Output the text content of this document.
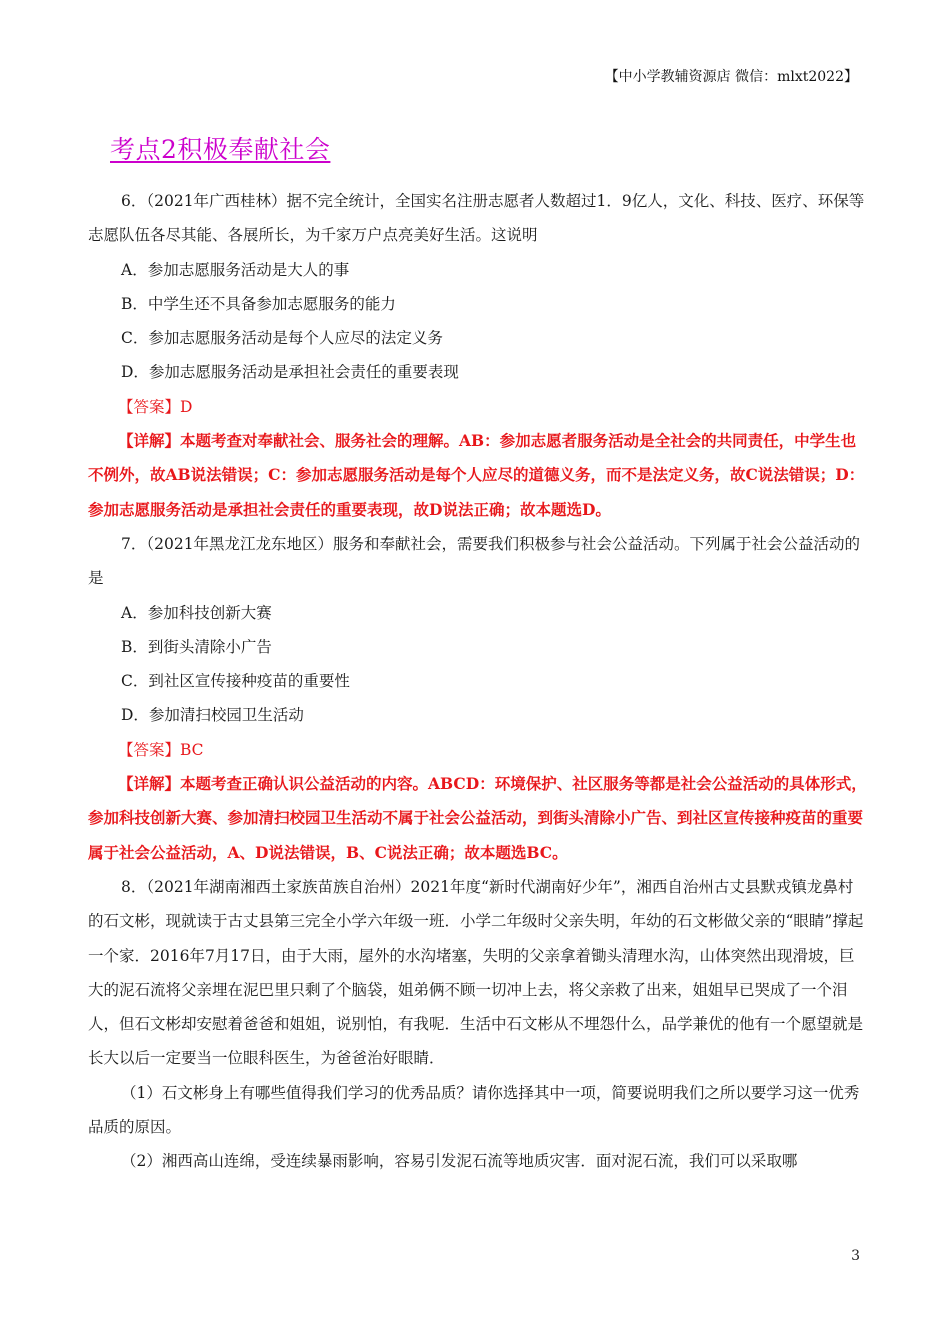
【中小学教辅资源店 微信：mlxt2022】
考点2积极奉献社会

6．（2021年广西桂林）据不完全统计，全国实名注册志愿者人数超过1．9亿人，文化、科技、医疗、环保等志愿队伍各尽其能、各展所长，为千家万户点亮美好生活。这说明

A．参加志愿服务活动是大人的事

B．中学生还不具备参加志愿服务的能力

C．参加志愿服务活动是每个人应尽的法定义务

D．参加志愿服务活动是承担社会责任的重要表现

【答案】D

【详解】本题考查对奉献社会、服务社会的理解。AB：参加志愿者服务活动是全社会的共同责任，中学生也不例外，故AB说法错误；C：参加志愿服务活动是每个人应尽的道德义务，而不是法定义务，故C说法错误；D：参加志愿服务活动是承担社会责任的重要表现，故D说法正确；故本题选D。

7．（2021年黑龙江龙东地区）服务和奉献社会，需要我们积极参与社会公益活动。下列属于社会公益活动的是

A．参加科技创新大赛

B．到街头清除小广告

C．到社区宣传接种疫苗的重要性

D．参加清扫校园卫生活动

【答案】BC

【详解】本题考查正确认识公益活动的内容。ABCD：环境保护、社区服务等都是社会公益活动的具体形式，参加科技创新大赛、参加清扫校园卫生活动不属于社会公益活动，到街头清除小广告、到社区宣传接种疫苗的重要属于社会公益活动，A、D说法错误，B、C说法正确；故本题选BC。

8．（2021年湖南湘西土家族苗族自治州）2021年度“新时代湖南好少年”，湘西自治州古丈县默戎镇龙鼻村的石文彬，现就读于古丈县第三完全小学六年级一班．小学二年级时父亲失明，年幼的石文彬做父亲的“眼睛”撑起一个家．2016年7月17日，由于大雨，屋外的水沟堵塞，失明的父亲拿着锄头清理水沟，山体突然出现滑坡，巨大的泥石流将父亲埋在泥巴里只剩了个脑袋，姐弟俩不顾一切冲上去，将父亲救了出来，姐姐早已哭成了一个泪人，但石文彬却安慰着爸爸和姐姐，说别怕，有我呢．生活中石文彬从不埋怨什么，品学兼优的他有一个愿望就是长大以后一定要当一位眼科医生，为爸爸治好眼睛．

（1）石文彬身上有哪些值得我们学习的优秀品质？请你选择其中一项，简要说明我们之所以要学习这一优秀品质的原因。

（2）湘西高山连绵，受连续暴雨影响，容易引发泥石流等地质灾害．面对泥石流，我们可以采取哪

3
